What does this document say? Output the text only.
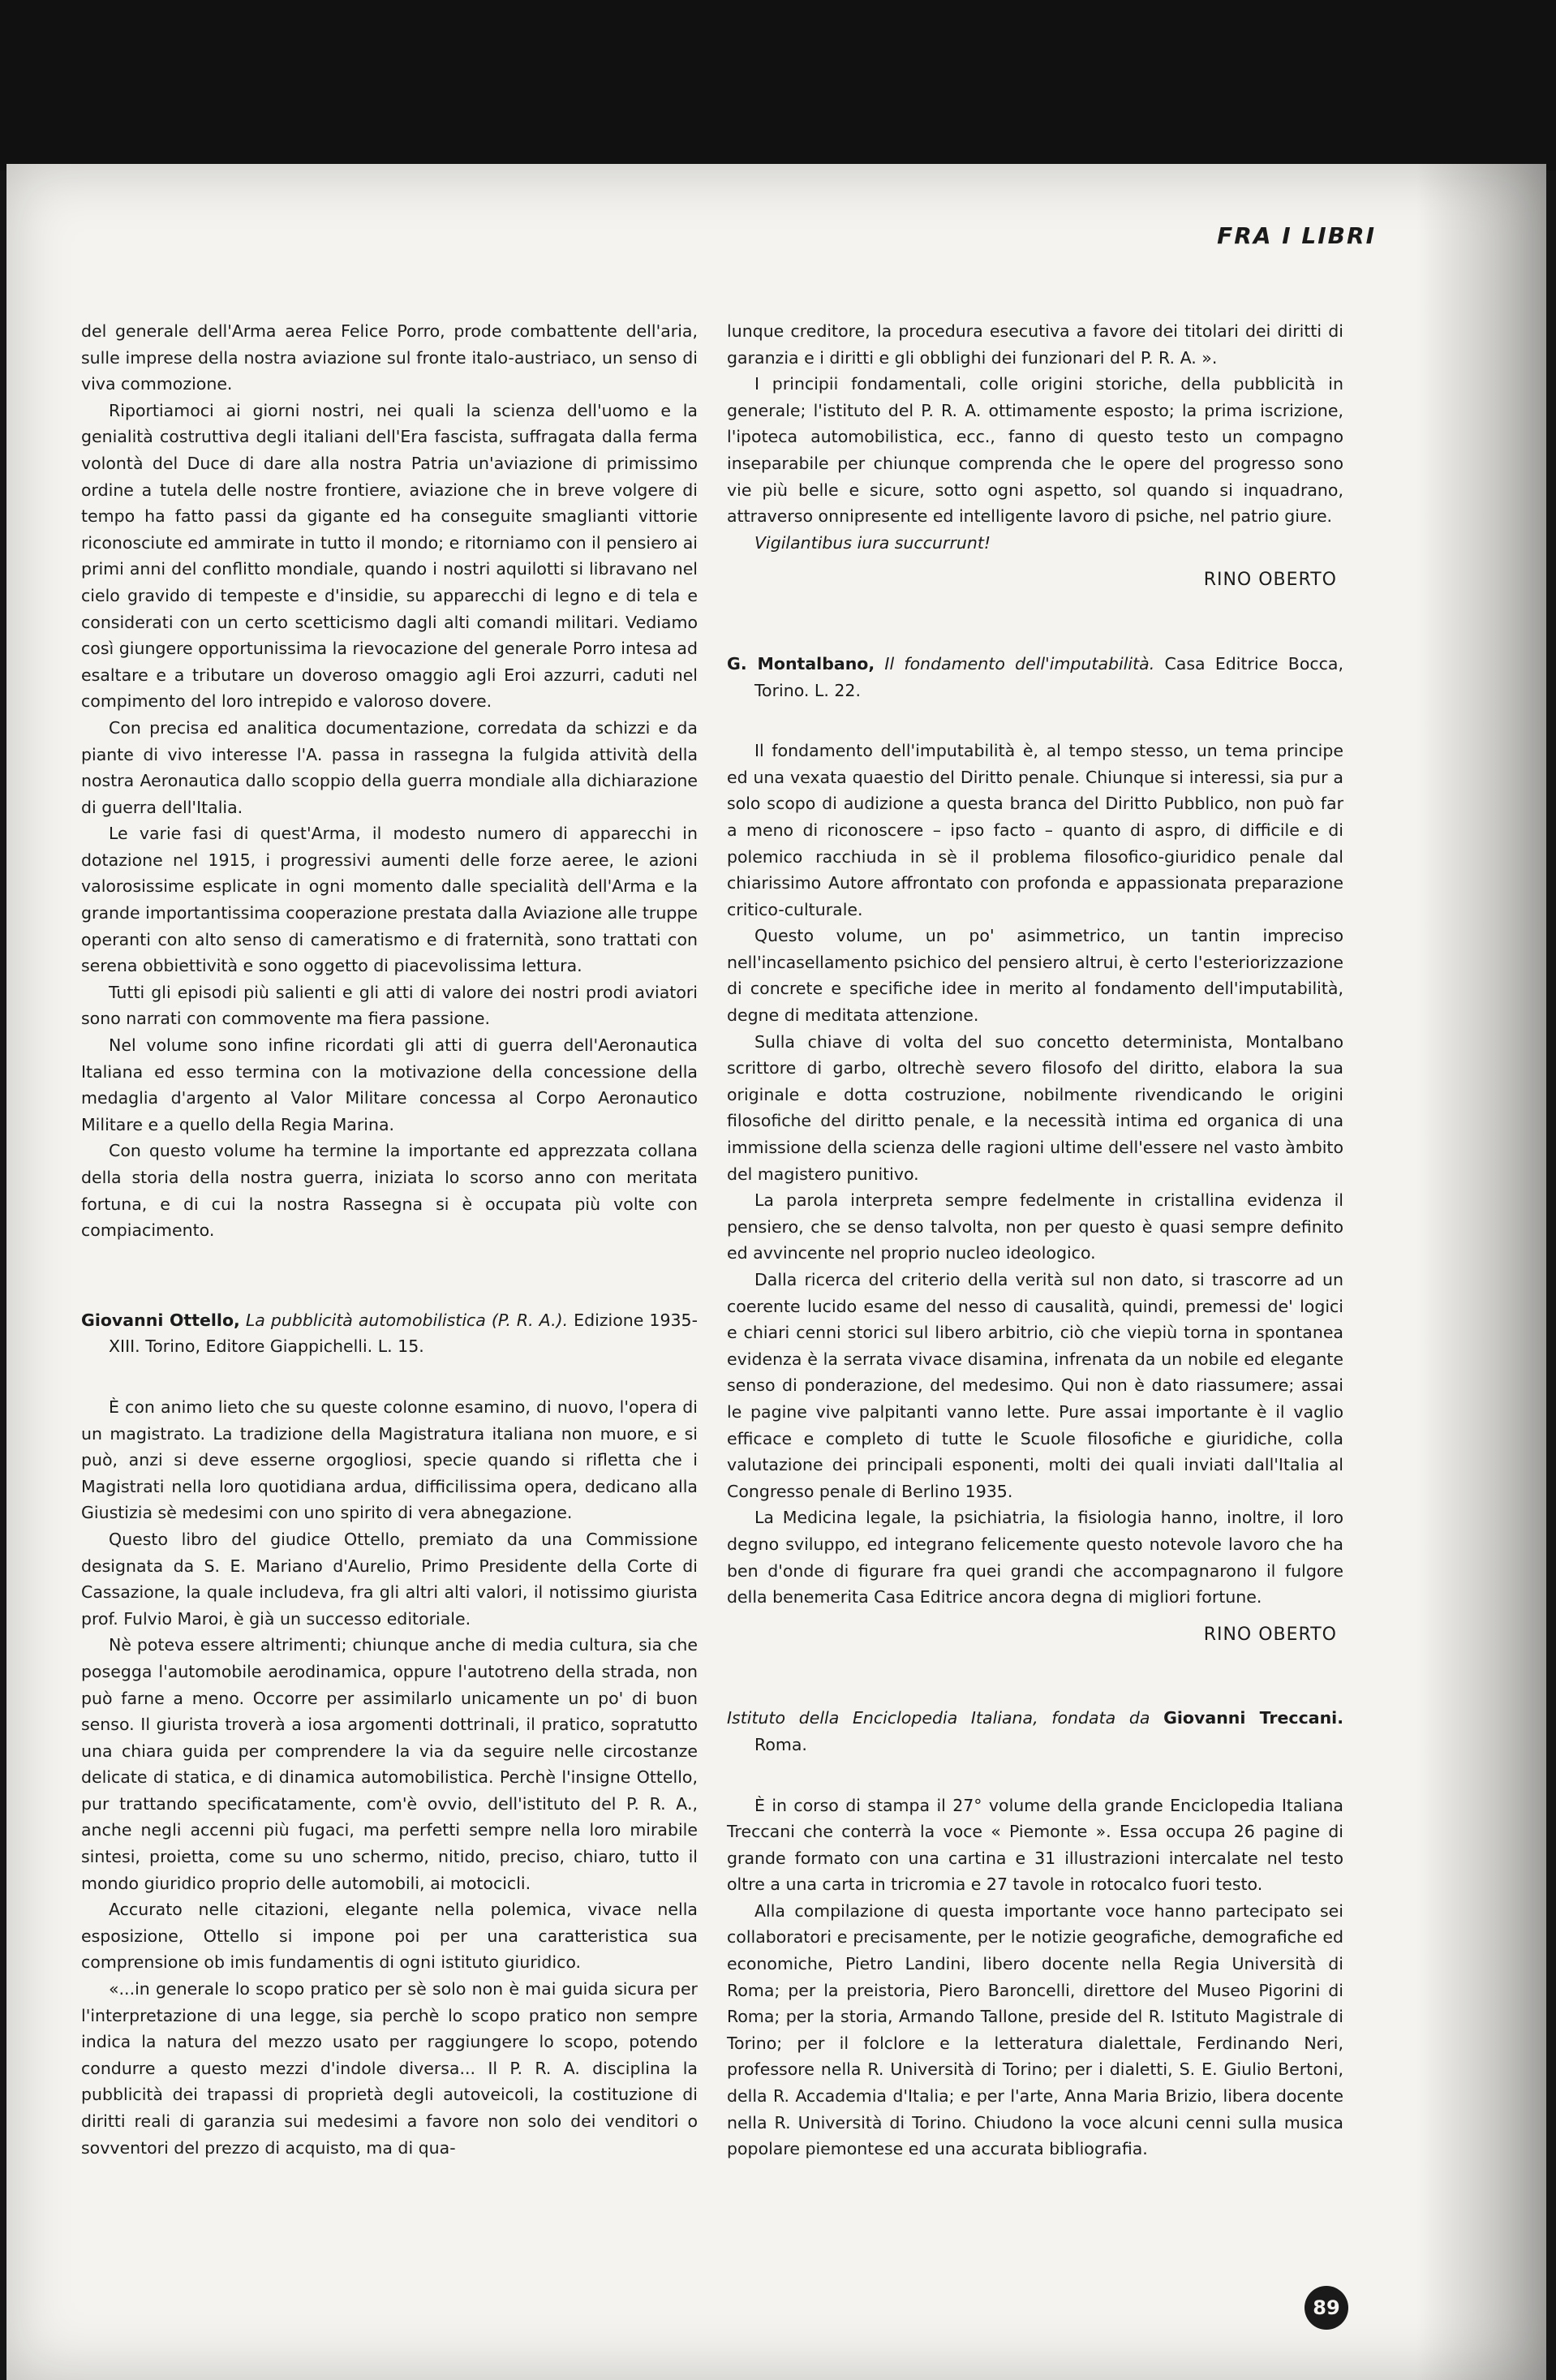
FRA I LIBRI

del generale dell'Arma aerea Felice Porro, prode combattente dell'aria, sulle imprese della nostra aviazione sul fronte italo-austriaco, un senso di viva commozione.

Riportiamoci ai giorni nostri, nei quali la scienza dell'uomo e la genialità costruttiva degli italiani dell'Era fascista, suffragata dalla ferma volontà del Duce di dare alla nostra Patria un'aviazione di primissimo ordine a tutela delle nostre frontiere, aviazione che in breve volgere di tempo ha fatto passi da gigante ed ha conseguite smaglianti vittorie riconosciute ed ammirate in tutto il mondo; e ritorniamo con il pensiero ai primi anni del conflitto mondiale, quando i nostri aquilotti si libravano nel cielo gravido di tempeste e d'insidie, su apparecchi di legno e di tela e considerati con un certo scetticismo dagli alti comandi militari. Vediamo così giungere opportunissima la rievocazione del generale Porro intesa ad esaltare e a tributare un doveroso omaggio agli Eroi azzurri, caduti nel compimento del loro intrepido e valoroso dovere.

Con precisa ed analitica documentazione, corredata da schizzi e da piante di vivo interesse l'A. passa in rassegna la fulgida attività della nostra Aeronautica dallo scoppio della guerra mondiale alla dichiarazione di guerra dell'Italia.

Le varie fasi di quest'Arma, il modesto numero di apparecchi in dotazione nel 1915, i progressivi aumenti delle forze aeree, le azioni valorosissime esplicate in ogni momento dalle specialità dell'Arma e la grande importantissima cooperazione prestata dalla Aviazione alle truppe operanti con alto senso di cameratismo e di fraternità, sono trattati con serena obbiettività e sono oggetto di piacevolissima lettura.

Tutti gli episodi più salienti e gli atti di valore dei nostri prodi aviatori sono narrati con commovente ma fiera passione.

Nel volume sono infine ricordati gli atti di guerra dell'Aeronautica Italiana ed esso termina con la motivazione della concessione della medaglia d'argento al Valor Militare concessa al Corpo Aeronautico Militare e a quello della Regia Marina.

Con questo volume ha termine la importante ed apprezzata collana della storia della nostra guerra, iniziata lo scorso anno con meritata fortuna, e di cui la nostra Rassegna si è occupata più volte con compiacimento.

Giovanni Ottello, La pubblicità automobilistica (P. R. A.). Edizione 1935-XIII. Torino, Editore Giappichelli. L. 15.

È con animo lieto che su queste colonne esamino, di nuovo, l'opera di un magistrato. La tradizione della Magistratura italiana non muore, e si può, anzi si deve esserne orgogliosi, specie quando si rifletta che i Magistrati nella loro quotidiana ardua, difficilissima opera, dedicano alla Giustizia sè medesimi con uno spirito di vera abnegazione.

Questo libro del giudice Ottello, premiato da una Commissione designata da S. E. Mariano d'Aurelio, Primo Presidente della Corte di Cassazione, la quale includeva, fra gli altri alti valori, il notissimo giurista prof. Fulvio Maroi, è già un successo editoriale.

Nè poteva essere altrimenti; chiunque anche di media cultura, sia che posegga l'automobile aerodinamica, oppure l'autotreno della strada, non può farne a meno. Occorre per assimilarlo unicamente un po' di buon senso. Il giurista troverà a iosa argomenti dottrinali, il pratico, sopratutto una chiara guida per comprendere la via da seguire nelle circostanze delicate di statica, e di dinamica automobilistica. Perchè l'insigne Ottello, pur trattando specificatamente, com'è ovvio, dell'istituto del P. R. A., anche negli accenni più fugaci, ma perfetti sempre nella loro mirabile sintesi, proietta, come su uno schermo, nitido, preciso, chiaro, tutto il mondo giuridico proprio delle automobili, ai motocicli.

Accurato nelle citazioni, elegante nella polemica, vivace nella esposizione, Ottello si impone poi per una caratteristica sua comprensione ob imis fundamentis di ogni istituto giuridico.

«...in generale lo scopo pratico per sè solo non è mai guida sicura per l'interpretazione di una legge, sia perchè lo scopo pratico non sempre indica la natura del mezzo usato per raggiungere lo scopo, potendo condurre a questo mezzi d'indole diversa... Il P. R. A. disciplina la pubblicità dei trapassi di proprietà degli autoveicoli, la costituzione di diritti reali di garanzia sui medesimi a favore non solo dei venditori o sovventori del prezzo di acquisto, ma di qua-

lunque creditore, la procedura esecutiva a favore dei titolari dei diritti di garanzia e i diritti e gli obblighi dei funzionari del P. R. A. ».

I principii fondamentali, colle origini storiche, della pubblicità in generale; l'istituto del P. R. A. ottimamente esposto; la prima iscrizione, l'ipoteca automobilistica, ecc., fanno di questo testo un compagno inseparabile per chiunque comprenda che le opere del progresso sono vie più belle e sicure, sotto ogni aspetto, sol quando si inquadrano, attraverso onnipresente ed intelligente lavoro di psiche, nel patrio giure.

Vigilantibus iura succurrunt!

RINO OBERTO

G. Montalbano, Il fondamento dell'imputabilità. Casa Editrice Bocca, Torino. L. 22.

Il fondamento dell'imputabilità è, al tempo stesso, un tema principe ed una vexata quaestio del Diritto penale. Chiunque si interessi, sia pur a solo scopo di audizione a questa branca del Diritto Pubblico, non può far a meno di riconoscere – ipso facto – quanto di aspro, di difficile e di polemico racchiuda in sè il problema filosofico-giuridico penale dal chiarissimo Autore affrontato con profonda e appassionata preparazione critico-culturale.

Questo volume, un po' asimmetrico, un tantin impreciso nell'incasellamento psichico del pensiero altrui, è certo l'esteriorizzazione di concrete e specifiche idee in merito al fondamento dell'imputabilità, degne di meditata attenzione.

Sulla chiave di volta del suo concetto determinista, Montalbano scrittore di garbo, oltrechè severo filosofo del diritto, elabora la sua originale e dotta costruzione, nobilmente rivendicando le origini filosofiche del diritto penale, e la necessità intima ed organica di una immissione della scienza delle ragioni ultime dell'essere nel vasto àmbito del magistero punitivo.

La parola interpreta sempre fedelmente in cristallina evidenza il pensiero, che se denso talvolta, non per questo è quasi sempre definito ed avvincente nel proprio nucleo ideologico.

Dalla ricerca del criterio della verità sul non dato, si trascorre ad un coerente lucido esame del nesso di causalità, quindi, premessi de' logici e chiari cenni storici sul libero arbitrio, ciò che viepiù torna in spontanea evidenza è la serrata vivace disamina, infrenata da un nobile ed elegante senso di ponderazione, del medesimo. Qui non è dato riassumere; assai le pagine vive palpitanti vanno lette. Pure assai importante è il vaglio efficace e completo di tutte le Scuole filosofiche e giuridiche, colla valutazione dei principali esponenti, molti dei quali inviati dall'Italia al Congresso penale di Berlino 1935.

La Medicina legale, la psichiatria, la fisiologia hanno, inoltre, il loro degno sviluppo, ed integrano felicemente questo notevole lavoro che ha ben d'onde di figurare fra quei grandi che accompagnarono il fulgore della benemerita Casa Editrice ancora degna di migliori fortune.

RINO OBERTO

Istituto della Enciclopedia Italiana, fondata da Giovanni Treccani. Roma.

È in corso di stampa il 27° volume della grande Enciclopedia Italiana Treccani che conterrà la voce « Piemonte ». Essa occupa 26 pagine di grande formato con una cartina e 31 illustrazioni intercalate nel testo oltre a una carta in tricromia e 27 tavole in rotocalco fuori testo.

Alla compilazione di questa importante voce hanno partecipato sei collaboratori e precisamente, per le notizie geografiche, demografiche ed economiche, Pietro Landini, libero docente nella Regia Università di Roma; per la preistoria, Piero Baroncelli, direttore del Museo Pigorini di Roma; per la storia, Armando Tallone, preside del R. Istituto Magistrale di Torino; per il folclore e la letteratura dialettale, Ferdinando Neri, professore nella R. Università di Torino; per i dialetti, S. E. Giulio Bertoni, della R. Accademia d'Italia; e per l'arte, Anna Maria Brizio, libera docente nella R. Università di Torino. Chiudono la voce alcuni cenni sulla musica popolare piemontese ed una accurata bibliografia.

89
